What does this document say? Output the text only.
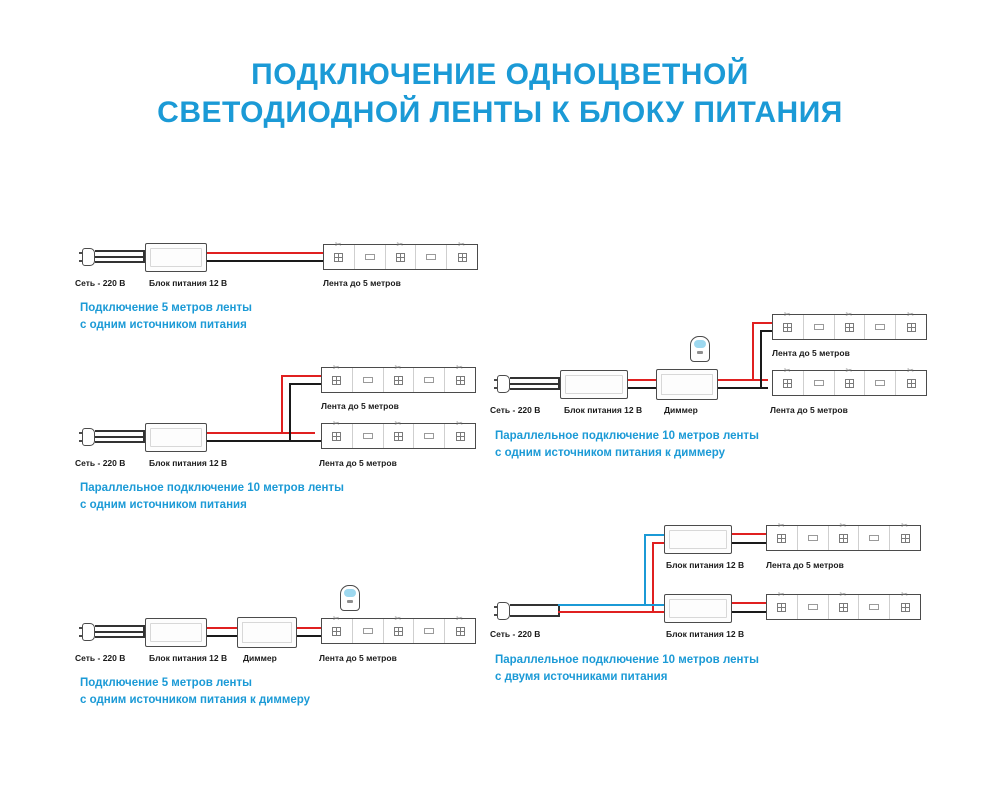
ПОДКЛЮЧЕНИЕ ОДНОЦВЕТНОЙ
СВЕТОДИОДНОЙ ЛЕНТЫ К БЛОКУ ПИТАНИЯ
✂	✂	✂
Сеть - 220 В	Блок питания 12 В	Лента до 5 метров
Подключение 5 метров ленты
с одним источником питания
✂	✂	✂
Лента до 5 метров
✂	✂	✂
Сеть - 220 В	Блок питания 12 В	Лента до 5 метров
Параллельное подключение 10 метров ленты
с одним источником питания
✂	✂	✂
Сеть - 220 В	Блок питания 12 В Диммер	Лента до 5 метров
Подключение 5 метров ленты
с одним источником питания к диммеру
✂	✂	✂
Лента до 5 метров
✂	✂	✂
Сеть - 220 В	Блок питания 12 В	Диммер	Лента до 5 метров
Параллельное подключение 10 метров ленты
с одним источником питания к диммеру
Блок питания 12 В
Блок питания 12 В
✂	✂	✂
Лента до 5 метров
✂	✂	✂
Сеть - 220 В
Параллельное подключение 10 метров ленты
с двумя источниками питания
